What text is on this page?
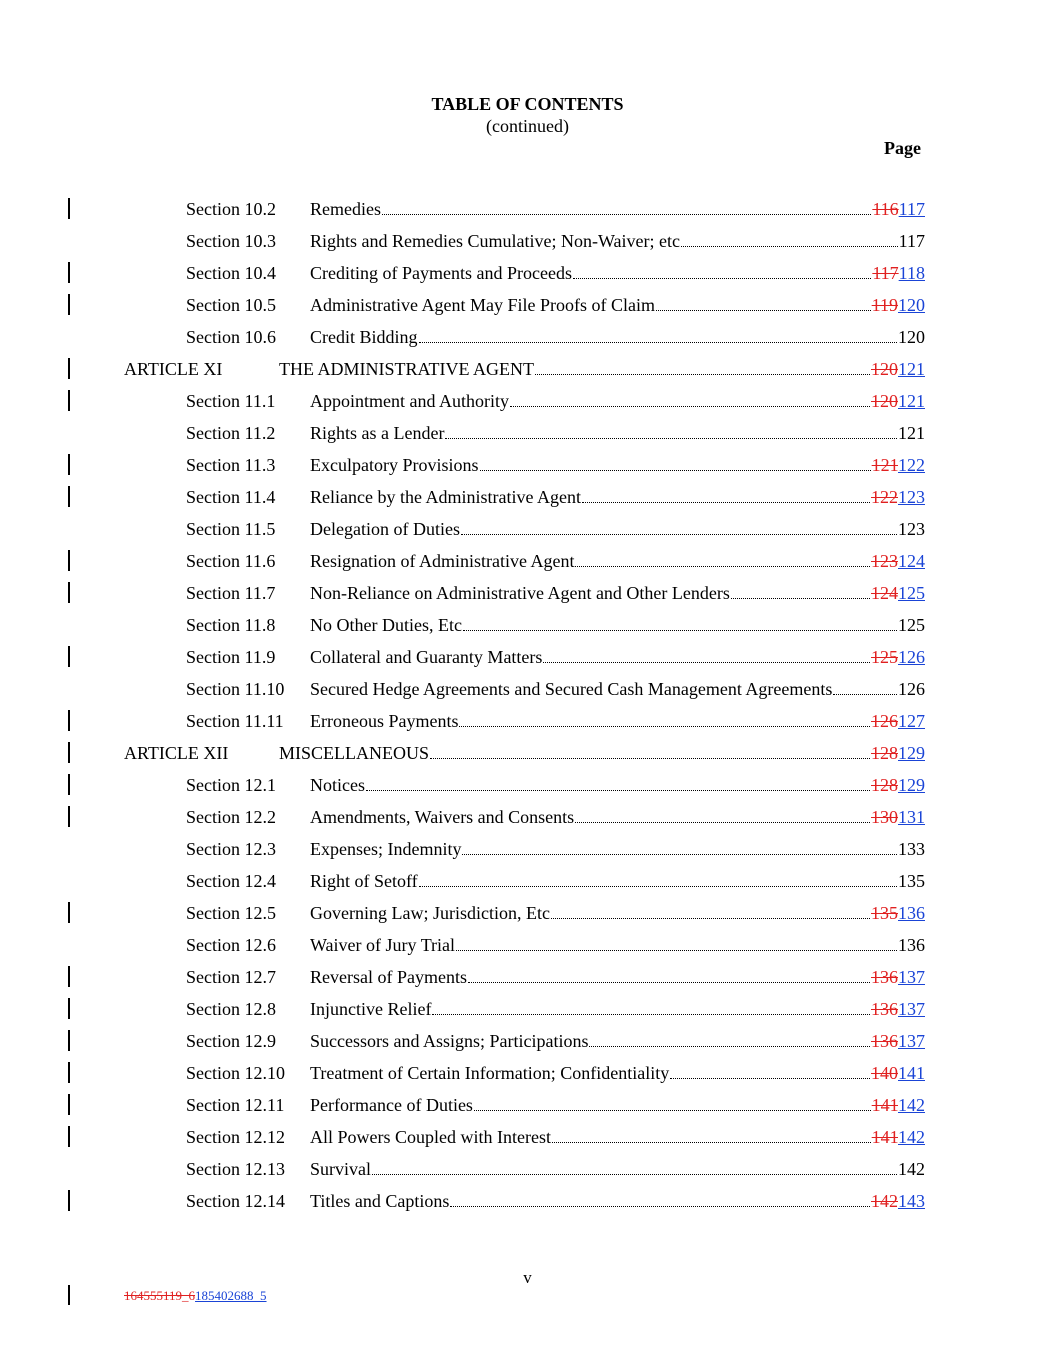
TABLE OF CONTENTS
(continued)
Page
Section 10.2 Remedies	116117
Section 10.3 Rights and Remedies Cumulative; Non-Waiver; etc	117
Section 10.4 Crediting of Payments and Proceeds	117118
Section 10.5 Administrative Agent May File Proofs of Claim	119120
Section 10.6 Credit Bidding	120
ARTICLE XI	THE ADMINISTRATIVE AGENT	120121
Section 11.1 Appointment and Authority	120121
Section 11.2 Rights as a Lender	121
Section 11.3 Exculpatory Provisions	121122
Section 11.4 Reliance by the Administrative Agent	122123
Section 11.5 Delegation of Duties	123
Section 11.6 Resignation of Administrative Agent	123124
Section 11.7 Non-Reliance on Administrative Agent and Other Lenders	124125
Section 11.8 No Other Duties, Etc	125
Section 11.9 Collateral and Guaranty Matters	125126
Section 11.10 Secured Hedge Agreements and Secured Cash Management Agreements	126
Section 11.11 Erroneous Payments	126127
ARTICLE XII	MISCELLANEOUS	128129
Section 12.1 Notices	128129
Section 12.2 Amendments, Waivers and Consents	130131
Section 12.3 Expenses; Indemnity	133
Section 12.4 Right of Setoff	135
Section 12.5 Governing Law; Jurisdiction, Etc	135136
Section 12.6 Waiver of Jury Trial	136
Section 12.7 Reversal of Payments	136137
Section 12.8 Injunctive Relief	136137
Section 12.9 Successors and Assigns; Participations	136137
Section 12.10 Treatment of Certain Information; Confidentiality	140141
Section 12.11 Performance of Duties	141142
Section 12.12 All Powers Coupled with Interest	141142
Section 12.13 Survival	142
Section 12.14 Titles and Captions	142143
v
164555119_6185402688_5
